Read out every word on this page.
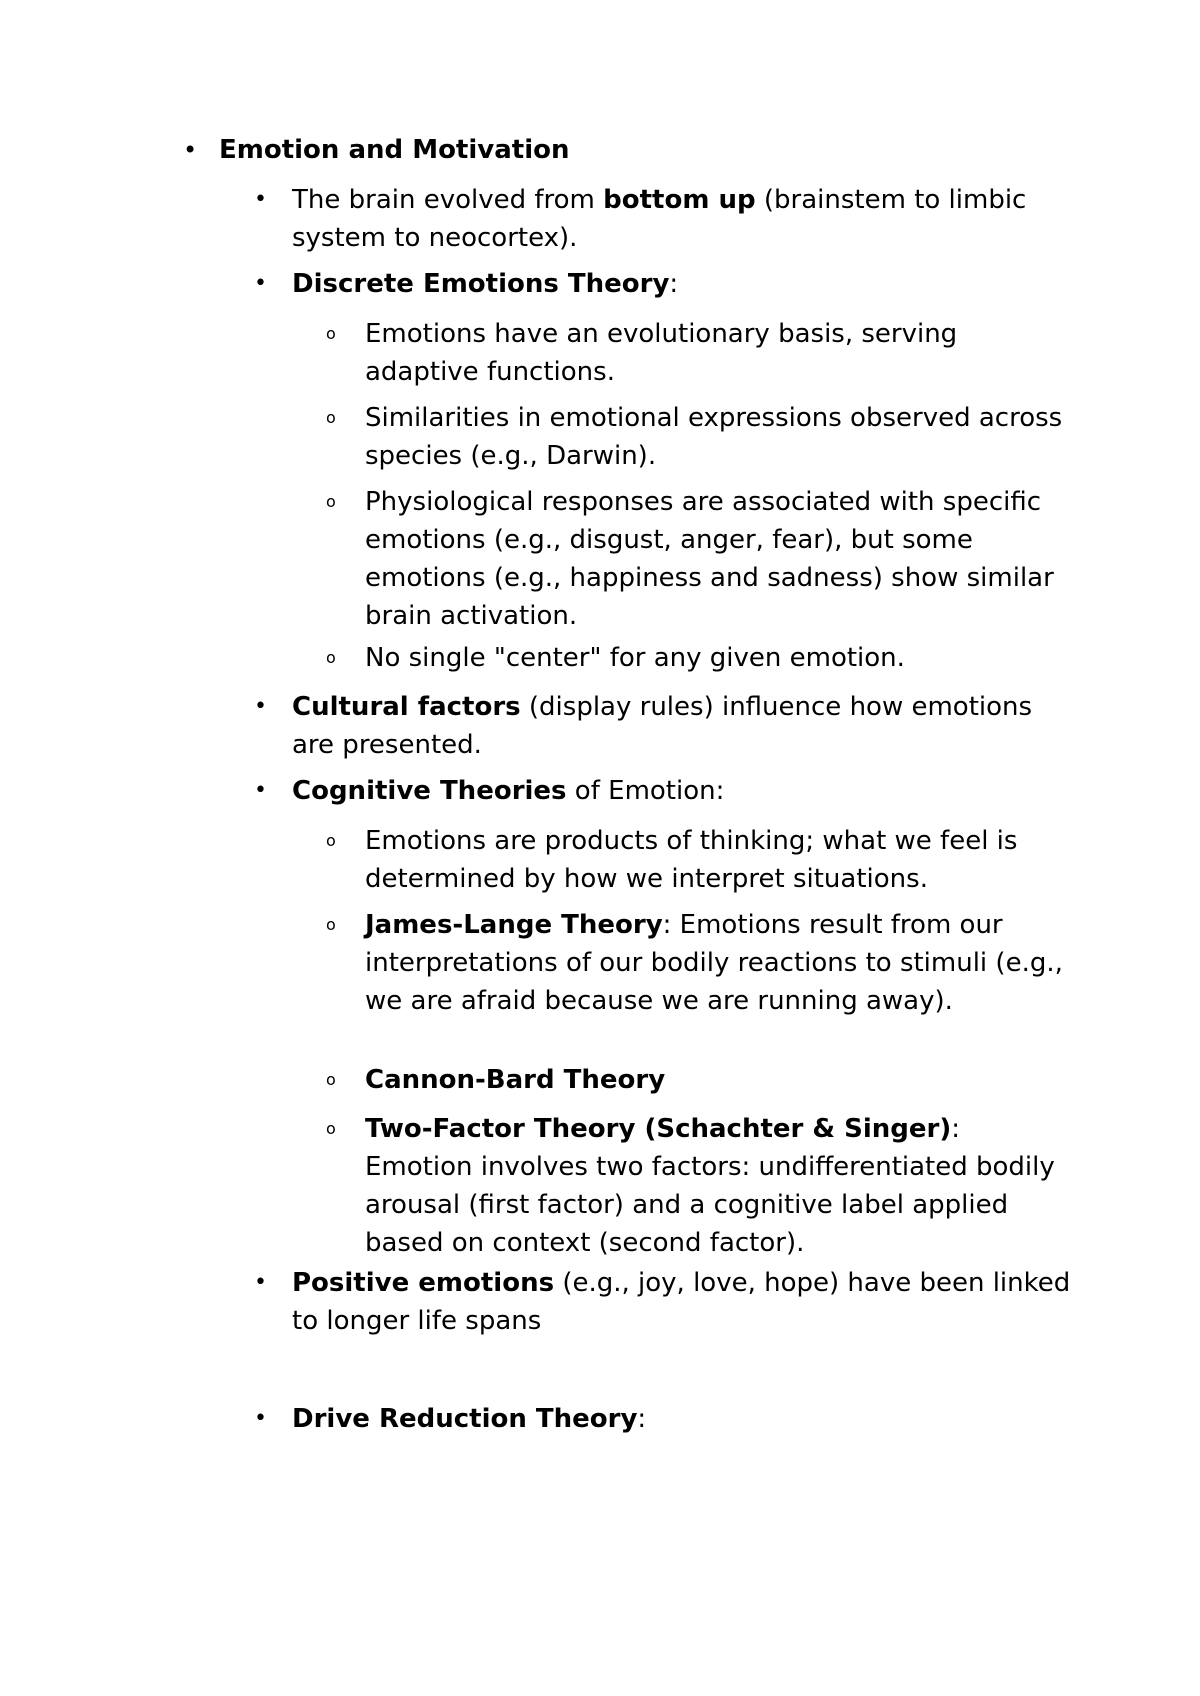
• Emotion and Motivation
• The brain evolved from bottom up (brainstem to limbic system to neocortex).
• Discrete Emotions Theory:
o Emotions have an evolutionary basis, serving adaptive functions.
o Similarities in emotional expressions observed across species (e.g., Darwin).
o Physiological responses are associated with specific emotions (e.g., disgust, anger, fear), but some emotions (e.g., happiness and sadness) show similar brain activation.
o No single "center" for any given emotion.
• Cultural factors (display rules) influence how emotions are presented.
• Cognitive Theories of Emotion:
o Emotions are products of thinking; what we feel is determined by how we interpret situations.
o James-Lange Theory: Emotions result from our interpretations of our bodily reactions to stimuli (e.g., we are afraid because we are running away).
o Cannon-Bard Theory
o Two-Factor Theory (Schachter & Singer): Emotion involves two factors: undifferentiated bodily arousal (first factor) and a cognitive label applied based on context (second factor).
• Positive emotions (e.g., joy, love, hope) have been linked to longer life spans
• Drive Reduction Theory:
